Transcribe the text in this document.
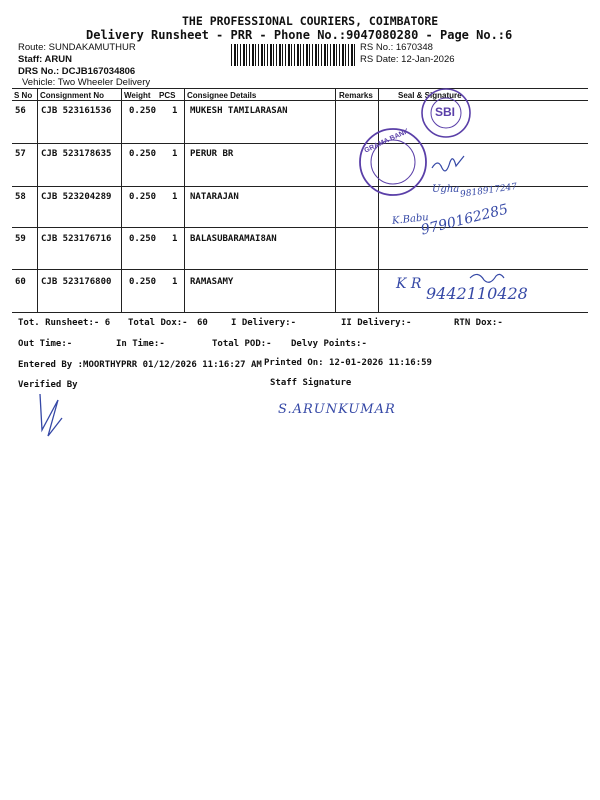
THE PROFESSIONAL COURIERS, COIMBATORE
Delivery Runsheet - PRR - Phone No.:9047080280 - Page No.:6
Route: SUNDAKAMUTHUR
Staff: ARUN
DRS No.: DCJB167034806
Vehicle: Two Wheeler Delivery
RS No.: 1670348
RS Date: 12-Jan-2026
S No Consignment No	Weight PCS Consignee Details	Remarks	Seal & Signature
56 CJB 523161536 0.250 1 MUKESH TAMILARASAN
57 CJB 523178635 0.250 1 PERUR BR
58 CJB 523204289 0.250 1 NATARAJAN
59 CJB 523176716 0.250 1 BALASUBARAMAI8AN
60 CJB 523176800 0.250 1 RAMASAMY
SBI
GRAMA BANK
Ugha 9818917247
K.Babu
9790162285
K R 9442110428
Tot. Runsheet:- 6 Total Dox:- 60	I Delivery:-	II Delivery:-	RTN Dox:-
Out Time:-	In Time:-	Total POD:- Delvy Points:-
Entered By :MOORTHYPRR 01/12/2026 11:16:27 AM Printed On: 12-01-2026 11:16:59
Verified By	Staff Signature
S.ARUNKUMAR
